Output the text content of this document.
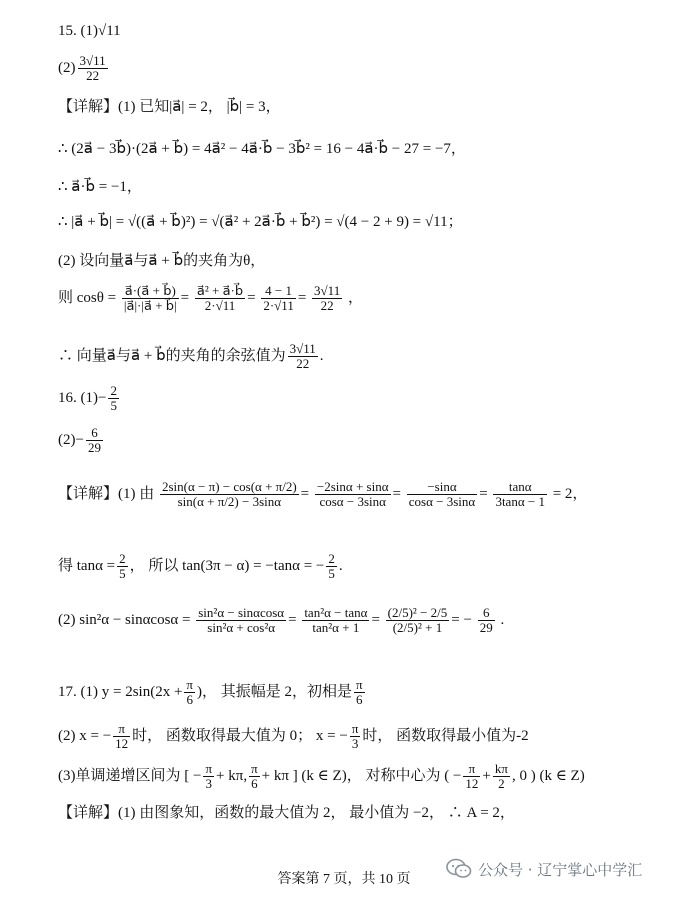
15. (1)√11
$(2) \frac{3√11}{22}$
【详解】(1) 已知|a⃗| = 2， |b⃗| = 3，
∴ (2a⃗ − 3b⃗)·(2a⃗ + b⃗) = 4a⃗² − 4a⃗·b⃗ − 3b⃗² = 16 − 4a⃗·b⃗ − 27 = −7，
∴ a⃗·b⃗ = −1，
∴ |a⃗ + b⃗| = √((a⃗ + b⃗)²) = √(a⃗² + 2a⃗·b⃗ + b⃗²) = √(4 − 2 + 9) = √11；
(2) 设向量a⃗与a⃗ + b⃗的夹角为θ，
则 $\cos\theta = \frac{a⃗\cdot(a⃗ + b⃗)}{|a⃗|\cdot|a⃗ + b⃗|} = \frac{\text{a⃗² + a⃗·b⃗}}{2\cdot√11} = \frac{4 - 1}{2\cdot√11} = \frac{3√11}{22}$ ，
∴ 向量a⃗与a⃗ + b⃗的夹角的余弦值为 $\frac{3√11}{22}$ .
16. $(1)- \frac{2}{5}$
$(2)- \frac{6}{29}$
【详解】(1) 由 $\frac{2\sin(\alpha - \pi) - \cos(\alpha + \pi/2)}{\sin(\alpha + \pi/2) - 3\sin\alpha} = \frac{-2\sin\alpha + \sin\alpha}{\cos\alpha - 3\sin\alpha} = \frac{-\sin\alpha}{\cos\alpha - 3\sin\alpha} = \frac{\tan\alpha}{3\tan\alpha - 1} = 2$，
得 $\tan\alpha = \frac{2}{5}$ ， 所以 tan(3π − α) = −tanα = − $\frac{2}{5}$ .
(2) $\sin^2\alpha - \sin\alpha\cos\alpha = \frac{\text{sin²α − sinαcosα}}{\text{sin²α + cos²α}} = \frac{\text{tan²α − tanα}}{\text{tan²α + 1}} = \frac{\text{(2/5)² − 2/5}}{\text{(2/5)² + 1}}$ = − $\frac{6}{29}$ .
17. (1) $y = 2\sin(2x + \frac{\pi}{6}$ )， 其振幅是 2，初相是 $\frac{\pi}{6}$
(2) x = − $\frac{\pi}{12}$ 时， 函数取得最大值为 0； x = − $\frac{\pi}{3}$ 时， 函数取得最小值为-2
(3)单调递增区间为 [ − $\frac{\pi}{3} + k\pi$, $\frac{\pi}{6} + k\pi$ ] (k ∈ Z)， 对称中心为 ( − $\frac{\pi}{12} + \frac{k\pi}{2}$ , 0 ) (k ∈ Z)
【详解】(1) 由图象知，函数的最大值为 2， 最小值为 −2， ∴ A = 2，
答案第 7 页，共 10 页
公众号 · 辽宁掌心中学汇
